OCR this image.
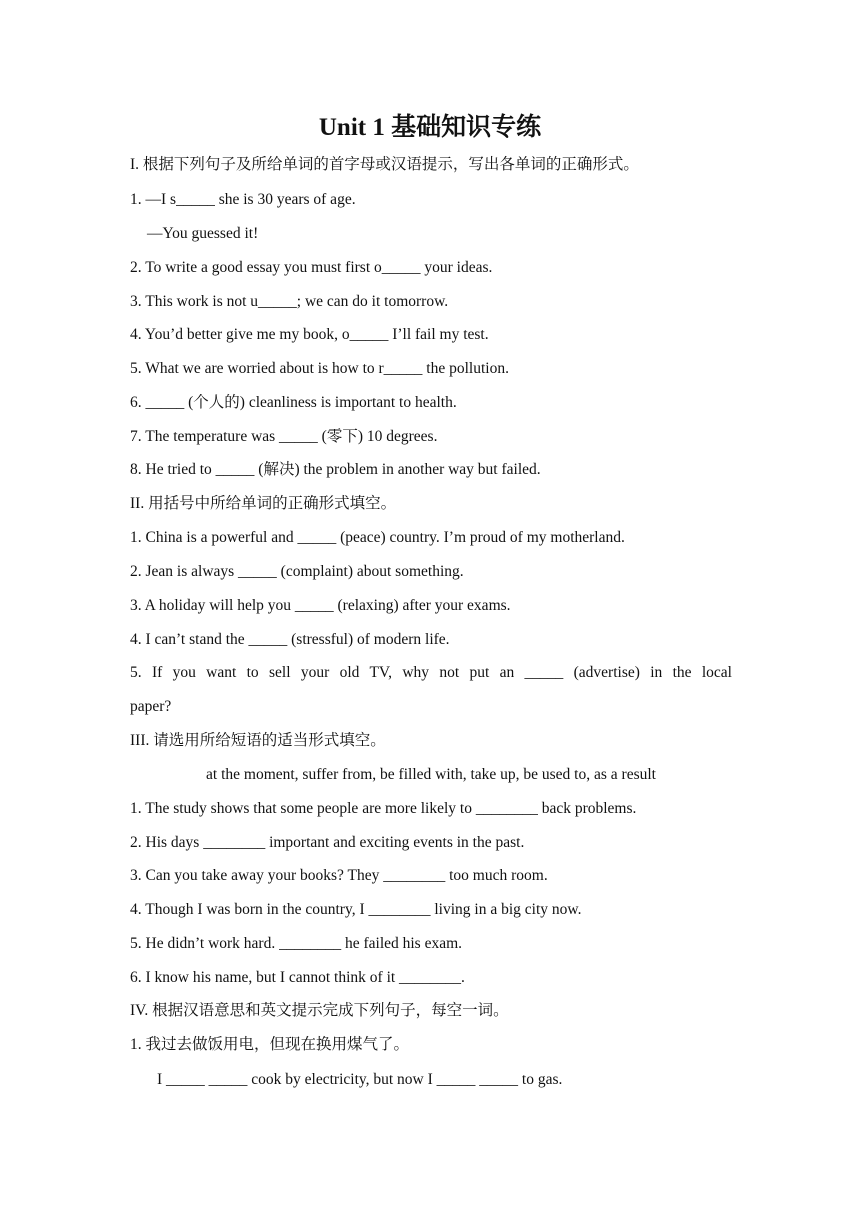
Unit 1 基础知识专练
I. 根据下列句子及所给单词的首字母或汉语提示，写出各单词的正确形式。
1. —I s_____ she is 30 years of age.
—You guessed it!
2. To write a good essay you must first o_____ your ideas.
3. This work is not u_____; we can do it tomorrow.
4. You’d better give me my book, o_____ I’ll fail my test.
5. What we are worried about is how to r_____ the pollution.
6. _____ (个人的) cleanliness is important to health.
7. The temperature was _____ (零下) 10 degrees.
8. He tried to _____ (解决) the problem in another way but failed.
II. 用括号中所给单词的正确形式填空。
1. China is a powerful and _____ (peace) country. I’m proud of my motherland.
2. Jean is always _____ (complaint) about something.
3. A holiday will help you _____ (relaxing) after your exams.
4. I can’t stand the _____ (stressful) of modern life.
5. If you want to sell your old TV, why not put an _____ (advertise) in the local
paper?
III. 请选用所给短语的适当形式填空。
at the moment, suffer from, be filled with, take up, be used to, as a result
1. The study shows that some people are more likely to ________ back problems.
2. His days ________ important and exciting events in the past.
3. Can you take away your books? They ________ too much room.
4. Though I was born in the country, I ________ living in a big city now.
5. He didn’t work hard. ________ he failed his exam.
6. I know his name, but I cannot think of it ________.
IV. 根据汉语意思和英文提示完成下列句子，每空一词。
1. 我过去做饭用电，但现在换用煤气了。
I _____ _____ cook by electricity, but now I _____ _____ to gas.
